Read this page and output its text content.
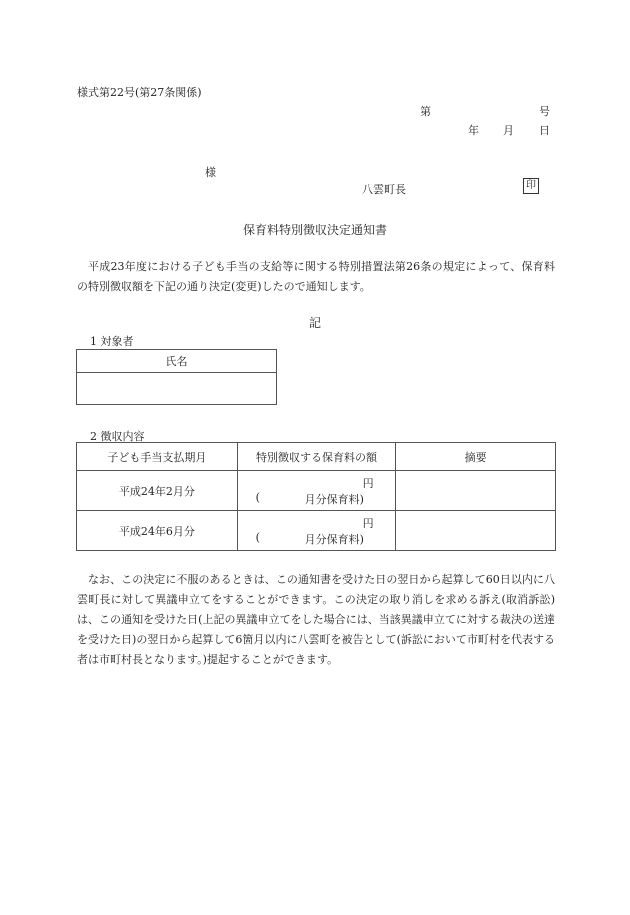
様式第22号(第27条関係)
第	号
年 月 日
様
八雲町長	印
保育料特別徴収決定通知書
平成23年度における子ども手当の支給等に関する特別措置法第26条の規定によって、保育料の特別徴収額を下記の通り決定(変更)したので通知します。
記
1 対象者
氏名

2 徴収内容
子ども手当支払期月	特別徴収する保育料の額	摘要
平成24年2月分	円
( 月分保育料)	

平成24年6月分	円
( 月分保育料)	

なお、この決定に不服のあるときは、この通知書を受けた日の翌日から起算して60日以内に八雲町長に対して異議申立てをすることができます。この決定の取り消しを求める訴え(取消訴訟)は、この通知を受けた日(上記の異議申立てをした場合には、当該異議申立てに対する裁決の送達を受けた日)の翌日から起算して6箇月以内に八雲町を被告として(訴訟において市町村を代表する者は市町村長となります。)提起することができます。
